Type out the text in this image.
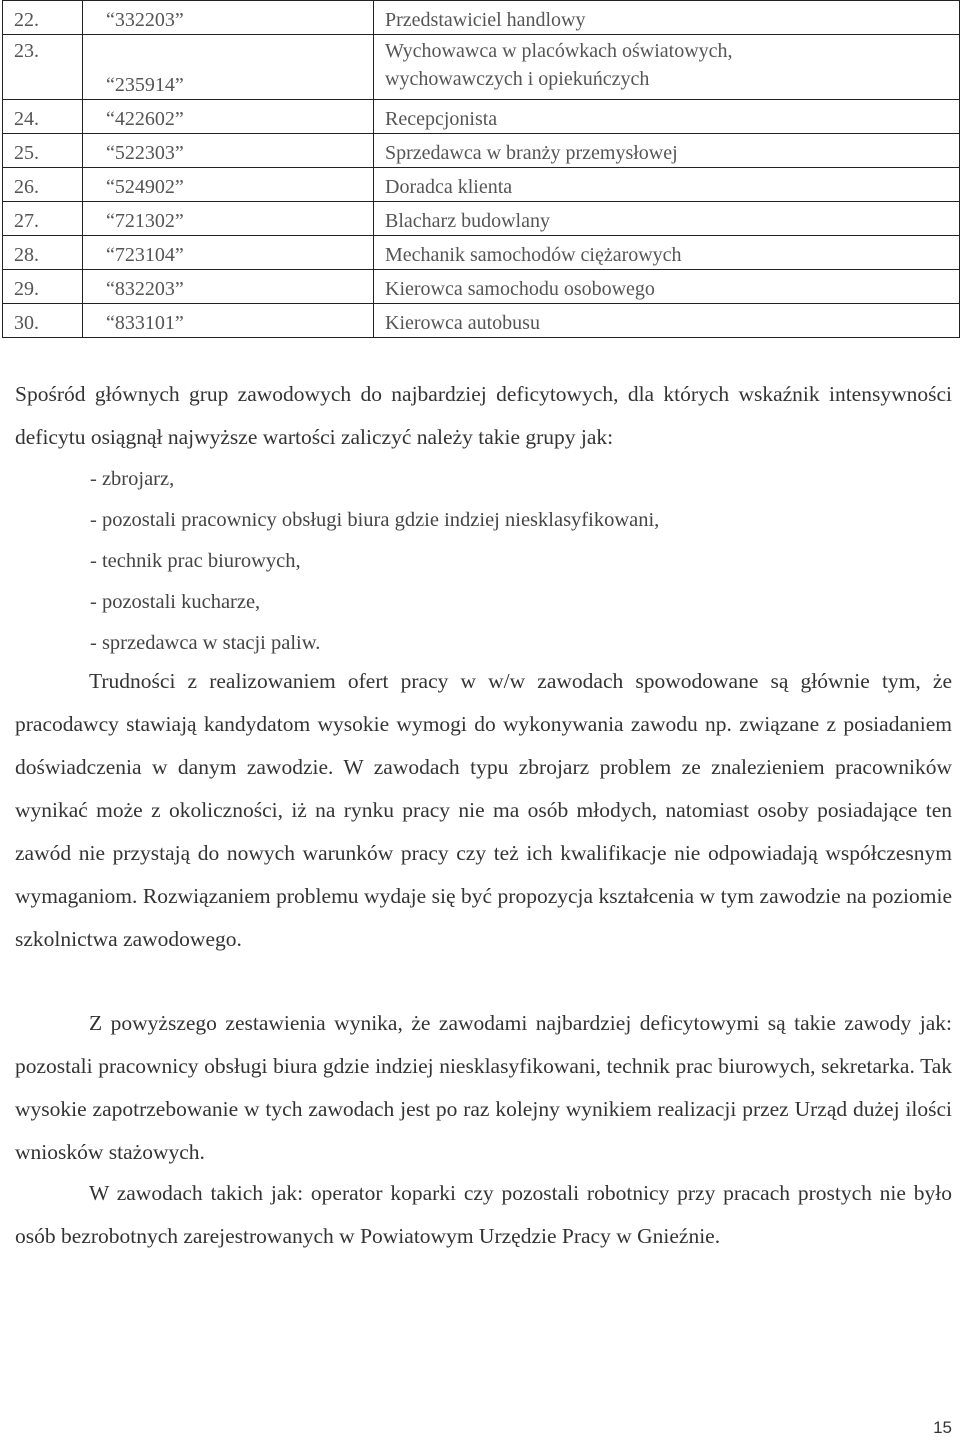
22.	“332203”	Przedstawiciel handlowy
23.	“235914”	Wychowawca w placówkach oświatowych,
wychowawczych i opiekuńczych

24.	“422602”	Recepcjonista
25.	“522303”	Sprzedawca w branży przemysłowej
26.	“524902”	Doradca klienta
27.	“721302”	Blacharz budowlany
28.	“723104”	Mechanik samochodów ciężarowych
29.	“832203”	Kierowca samochodu osobowego
30.	“833101”	Kierowca autobusu

Spośród głównych grup zawodowych do najbardziej deficytowych, dla których wskaźnik intensywności deficytu osiągnął najwyższe wartości zaliczyć należy takie grupy jak:

- zbrojarz,
- pozostali pracownicy obsługi biura gdzie indziej niesklasyfikowani,
- technik prac biurowych,
- pozostali kucharze,
- sprzedawca w stacji paliw.

Trudności z realizowaniem ofert pracy w w/w zawodach spowodowane są głównie tym, że pracodawcy stawiają kandydatom wysokie wymogi do wykonywania zawodu np. związane z posiadaniem doświadczenia w danym zawodzie. W zawodach typu zbrojarz problem ze znalezieniem pracowników wynikać może z okoliczności, iż na rynku pracy nie ma osób młodych, natomiast osoby posiadające ten zawód nie przystają do nowych warunków pracy czy też ich kwalifikacje nie odpowiadają współczesnym wymaganiom. Rozwiązaniem problemu wydaje się być propozycja kształcenia w tym zawodzie na poziomie szkolnictwa zawodowego.

Z powyższego zestawienia wynika, że zawodami najbardziej deficytowymi są takie zawody jak: pozostali pracownicy obsługi biura gdzie indziej niesklasyfikowani, technik prac biurowych, sekretarka. Tak wysokie zapotrzebowanie w tych zawodach jest po raz kolejny wynikiem realizacji przez Urząd dużej ilości wniosków stażowych.

W zawodach takich jak: operator koparki czy pozostali robotnicy przy pracach prostych nie było osób bezrobotnych zarejestrowanych w Powiatowym Urzędzie Pracy w Gnieźnie.

15
